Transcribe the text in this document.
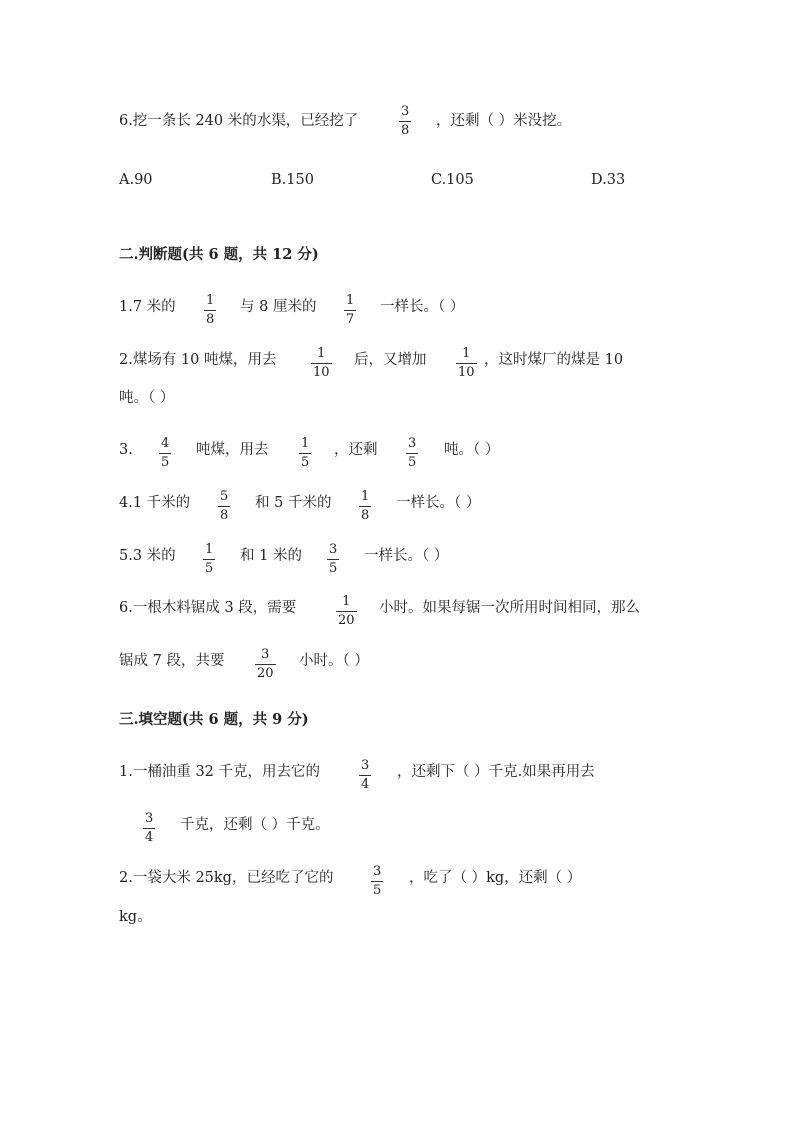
6.挖一条长 240 米的水渠，已经挖了
3
8
，还剩（ ）米没挖。
A.90	B.150	C.105	D.33
二.判断题(共 6 题，共 12 分)
1.7 米的 1
8
与 8 厘米的 1
7
一样长。（ ）
2.煤场有 10 吨煤，用去	1
10
后，又增加	1
10
，这时煤厂的煤是 10
吨。（ ）
3. 4
5
吨煤，用去	1
5
，还剩 3
5
吨。（ ）
4.1 千米的 5
8
和 5 千米的 1
8
一样长。（ ）
5.3 米的 1
5
和 1 米的 3
5
一样长。（ ）
6.一根木料锯成 3 段，需要	1
20
小时。如果每锯一次所用时间相同，那么
锯成 7 段，共要	3
20
小时。（ ）
三.填空题(共 6 题，共 9 分)
1.一桶油重 32 千克，用去它的	3
4
，还剩下（ ）千克.如果再用去
3
4
千克，还剩（ ）千克。
2.一袋大米 25kg，已经吃了它的	3
5
，吃了（ ）kg，还剩（ ）
kg。
